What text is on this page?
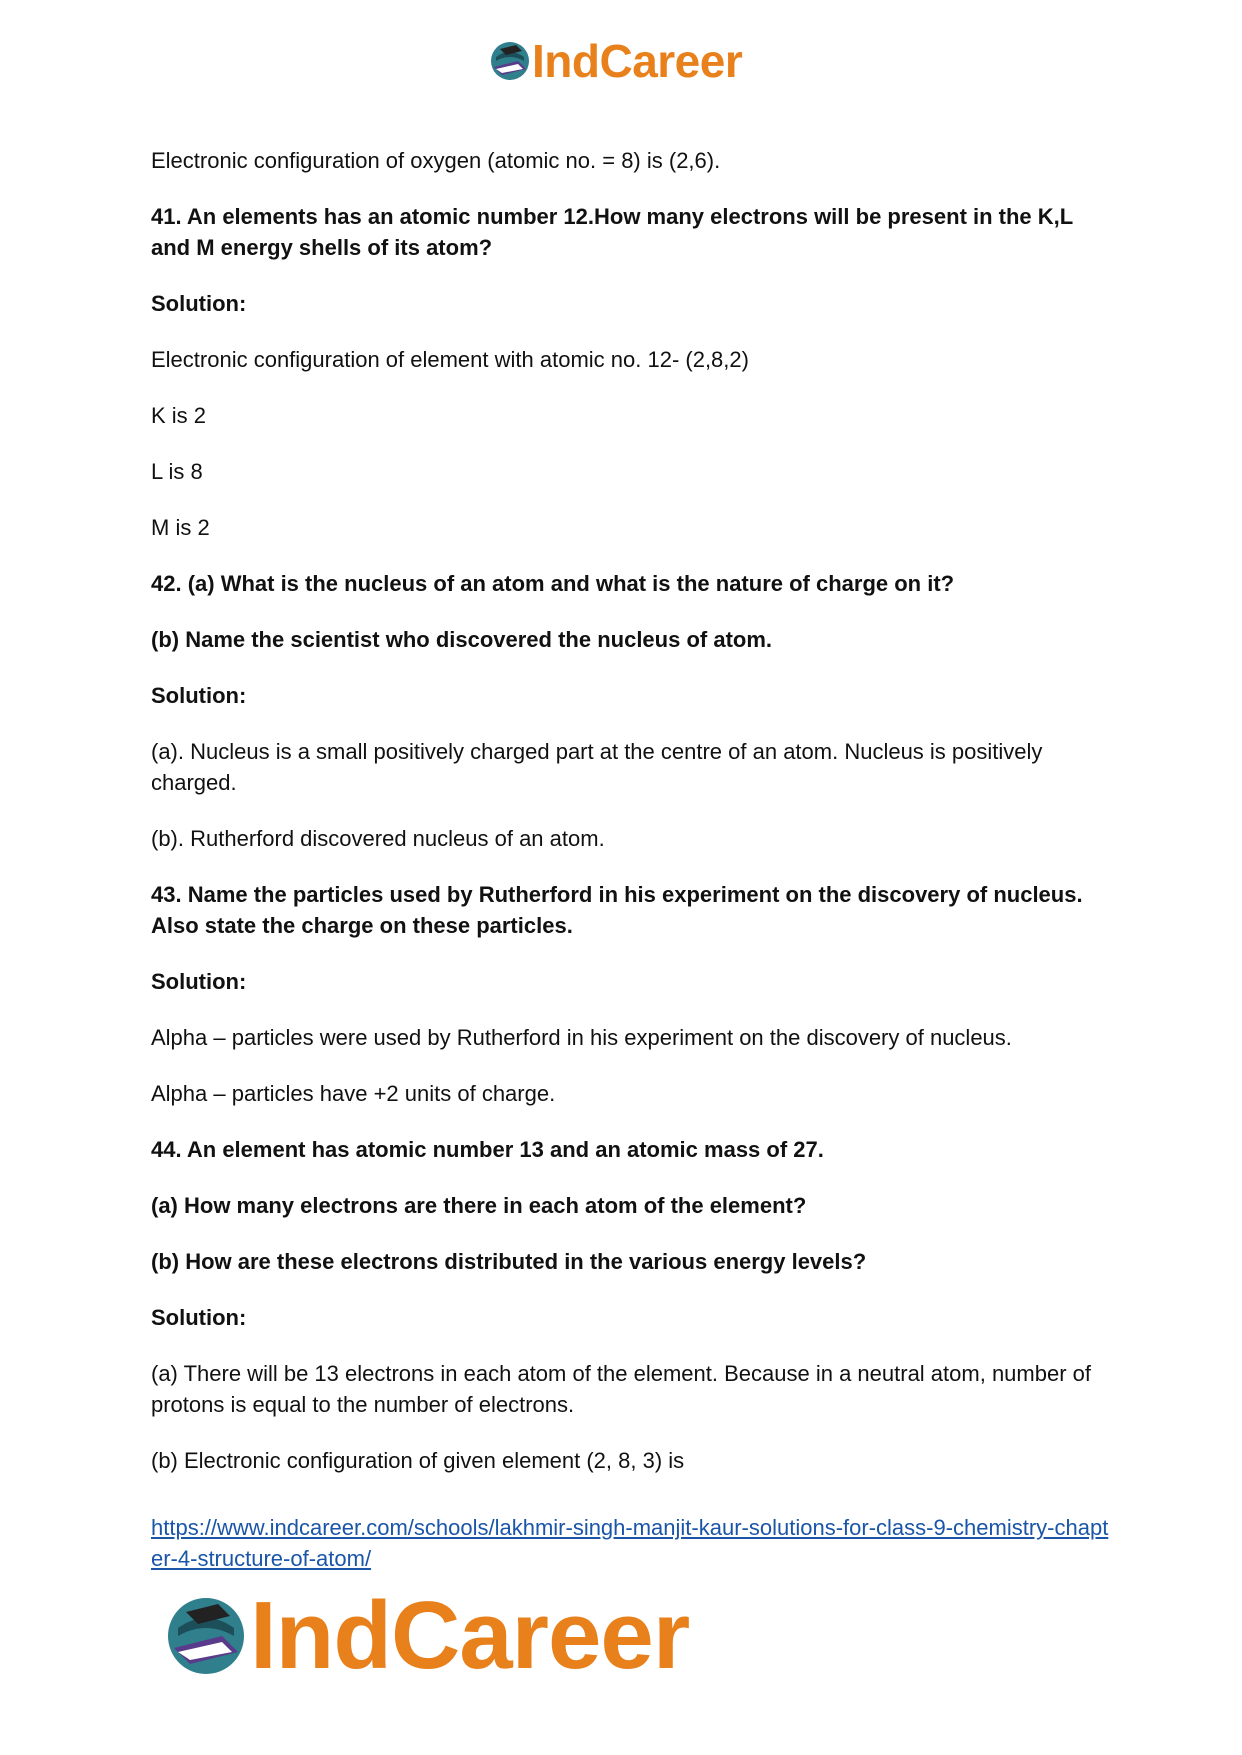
IndCareer

Electronic configuration of oxygen (atomic no. = 8) is (2,6).

41. An elements has an atomic number 12.How many electrons will be present in the K,L and M energy shells of its atom?

Solution:

Electronic configuration of element with atomic no. 12- (2,8,2)

K is 2

L is 8

M is 2

42. (a) What is the nucleus of an atom and what is the nature of charge on it?

(b) Name the scientist who discovered the nucleus of atom.

Solution:

(a). Nucleus is a small positively charged part at the centre of an atom. Nucleus is positively charged.

(b). Rutherford discovered nucleus of an atom.

43. Name the particles used by Rutherford in his experiment on the discovery of nucleus. Also state the charge on these particles.

Solution:

Alpha – particles were used by Rutherford in his experiment on the discovery of nucleus.

Alpha – particles have +2 units of charge.

44. An element has atomic number 13 and an atomic mass of 27.

(a) How many electrons are there in each atom of the element?

(b) How are these electrons distributed in the various energy levels?

Solution:

(a) There will be 13 electrons in each atom of the element. Because in a neutral atom, number of protons is equal to the number of electrons.

(b) Electronic configuration of given element (2, 8, 3) is

https://www.indcareer.com/schools/lakhmir-singh-manjit-kaur-solutions-for-class-9-chemistry-chapter-4-structure-of-atom/
IndCareer
